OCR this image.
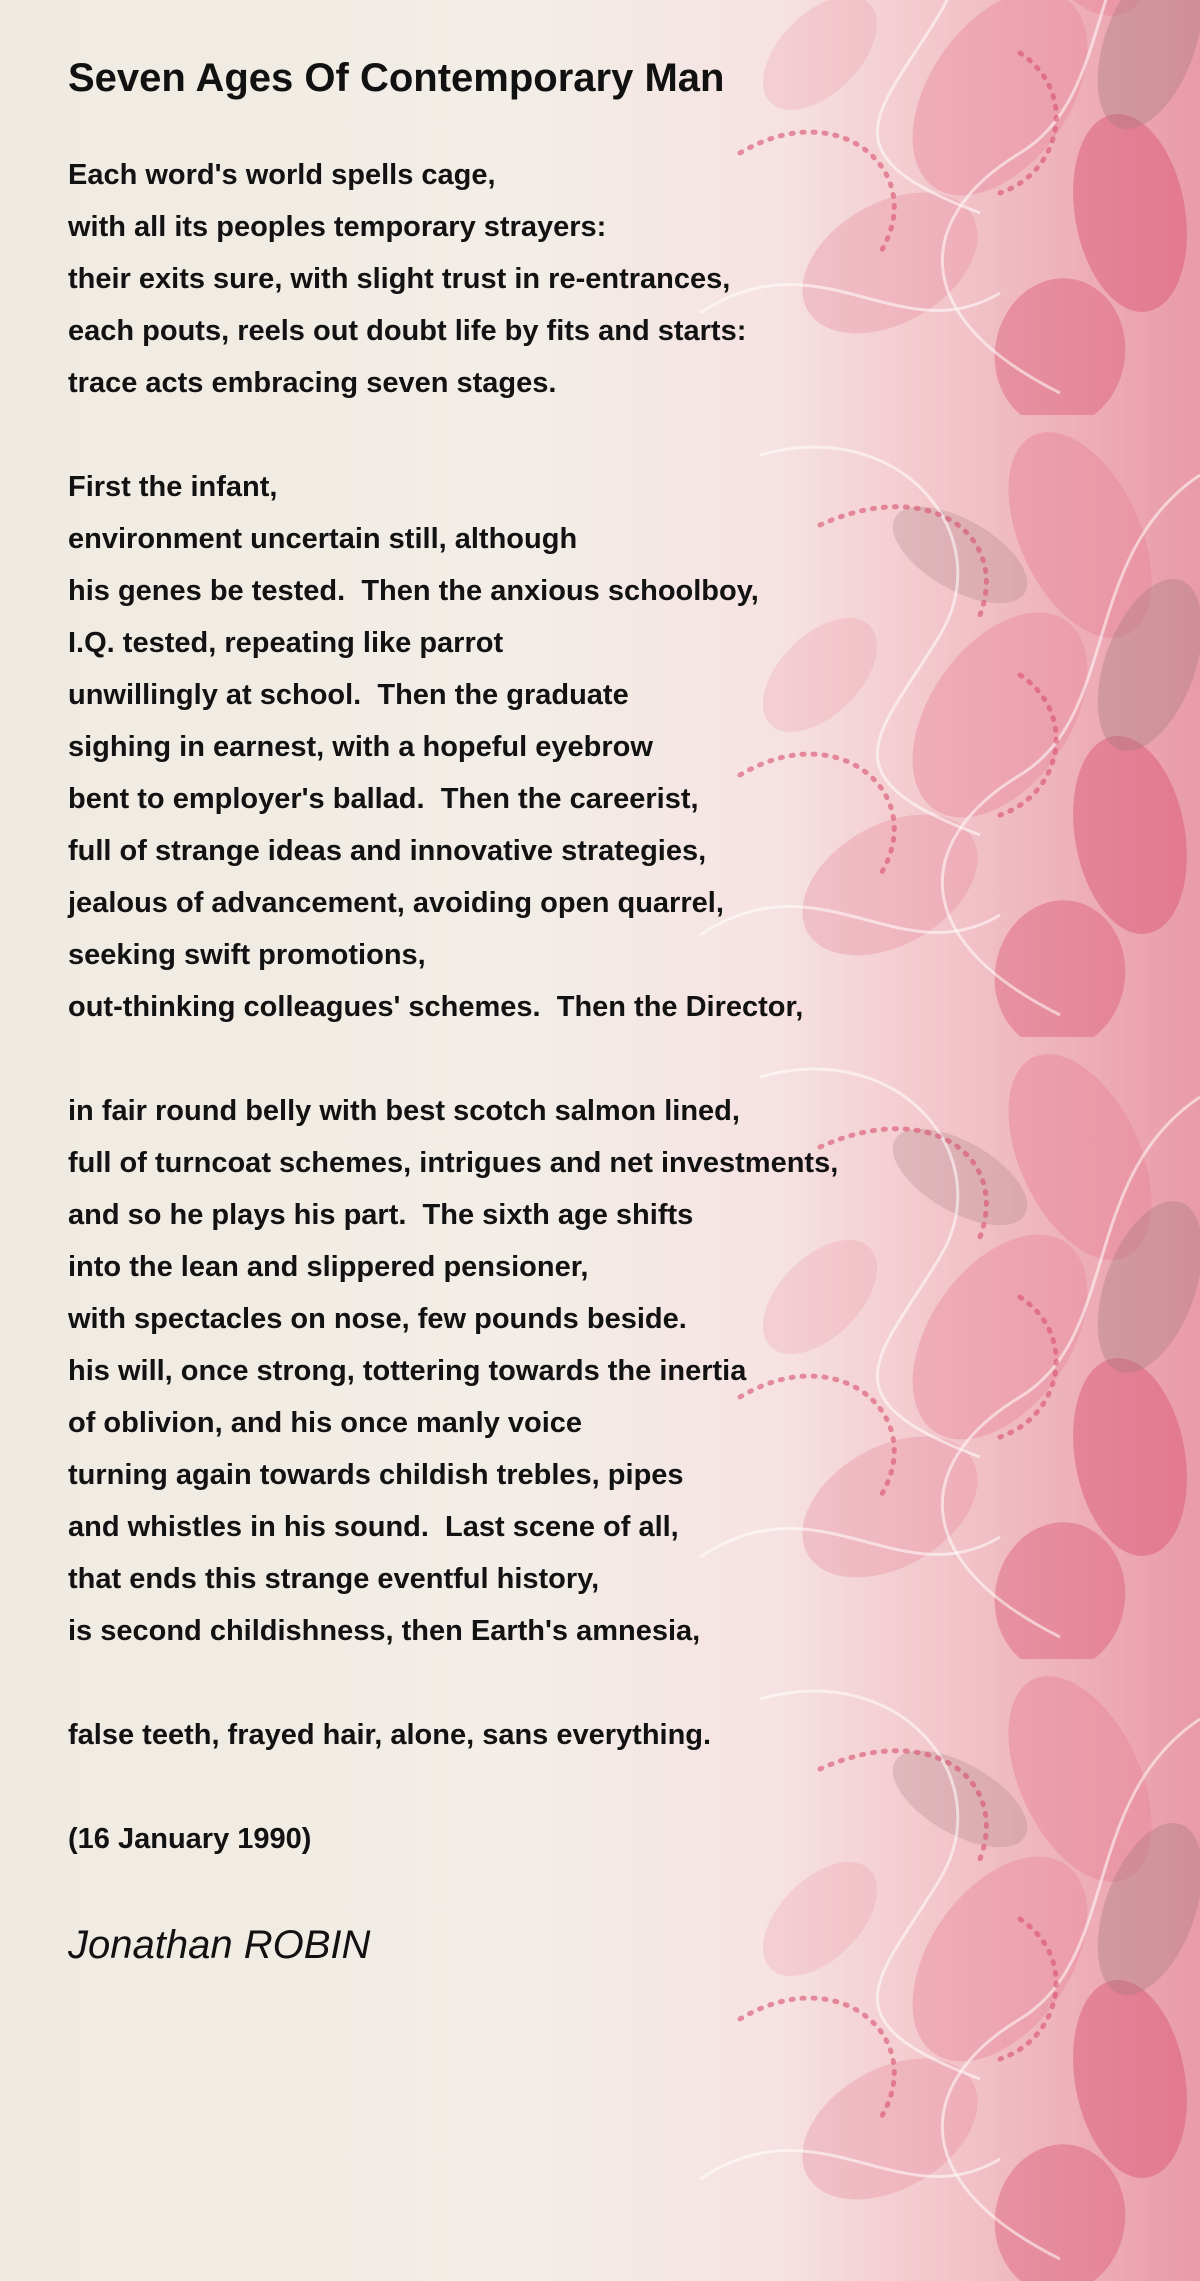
Seven Ages Of Contemporary Man
Each word's world spells cage,
with all its peoples temporary strayers:
their exits sure, with slight trust in re-entrances,
each pouts, reels out doubt life by fits and starts:
trace acts embracing seven stages.
First the infant,
environment uncertain still, although
his genes be tested.  Then the anxious schoolboy,
I.Q. tested, repeating like parrot
unwillingly at school.  Then the graduate
sighing in earnest, with a hopeful eyebrow
bent to employer's ballad.  Then the careerist,
full of strange ideas and innovative strategies,
jealous of advancement, avoiding open quarrel,
seeking swift promotions,
out-thinking colleagues' schemes.  Then the Director,
in fair round belly with best scotch salmon lined,
full of turncoat schemes, intrigues and net investments,
and so he plays his part.  The sixth age shifts
into the lean and slippered pensioner,
with spectacles on nose, few pounds beside.
his will, once strong, tottering towards the inertia
of oblivion, and his once manly voice
turning again towards childish trebles, pipes
and whistles in his sound.  Last scene of all,
that ends this strange eventful history,
is second childishness, then Earth's amnesia,
false teeth, frayed hair, alone, sans everything.
(16 January 1990)
Jonathan ROBIN
